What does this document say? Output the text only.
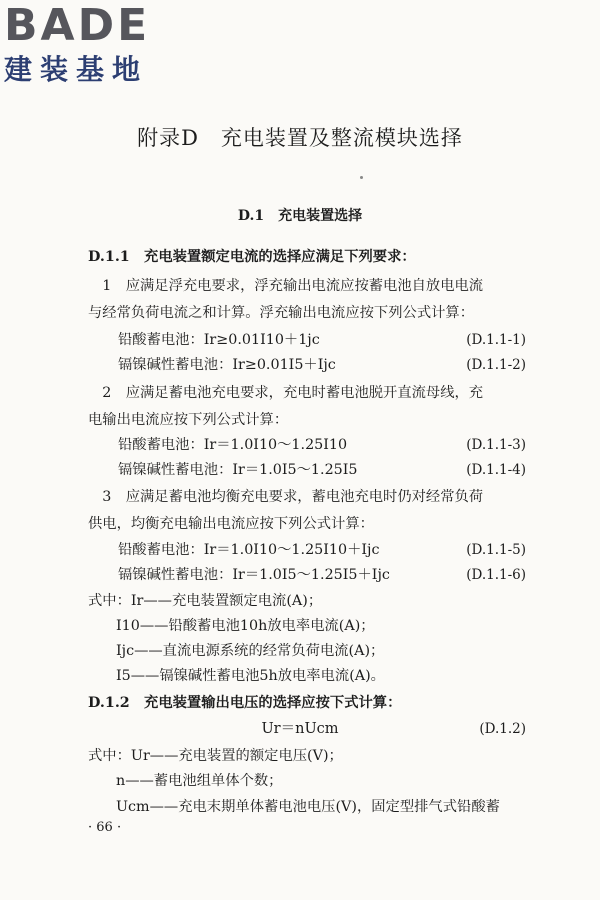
BADE
建装基地
附录D　充电装置及整流模块选择
D.1 充电装置选择
D.1.1　充电装置额定电流的选择应满足下列要求：
　1　应满足浮充电要求，浮充输出电流应按蓄电池自放电电流
与经常负荷电流之和计算。浮充输出电流应按下列公式计算：
铅酸蓄电池：Ir≥0.01I10＋1jc	(D.1.1-1)
镉镍碱性蓄电池：Ir≥0.01I5＋Ijc	(D.1.1-2)
　2　应满足蓄电池充电要求，充电时蓄电池脱开直流母线，充
电输出电流应按下列公式计算：
铅酸蓄电池：Ir＝1.0I10～1.25I10	(D.1.1-3)
镉镍碱性蓄电池：Ir＝1.0I5～1.25I5	(D.1.1-4)
　3　应满足蓄电池均衡充电要求，蓄电池充电时仍对经常负荷
供电，均衡充电输出电流应按下列公式计算：
铅酸蓄电池：Ir＝1.0I10～1.25I10＋Ijc	(D.1.1-5)
镉镍碱性蓄电池：Ir＝1.0I5～1.25I5＋Ijc	(D.1.1-6)
式中：Ir——充电装置额定电流(A)；
I10——铅酸蓄电池10h放电率电流(A)；
Ijc——直流电源系统的经常负荷电流(A)；
I5——镉镍碱性蓄电池5h放电率电流(A)。
D.1.2　充电装置输出电压的选择应按下式计算：
Ur＝nUcm	(D.1.2)
式中：Ur——充电装置的额定电压(V)；
n——蓄电池组单体个数；
Ucm——充电末期单体蓄电池电压(V)，固定型排气式铅酸蓄
· 66 ·
